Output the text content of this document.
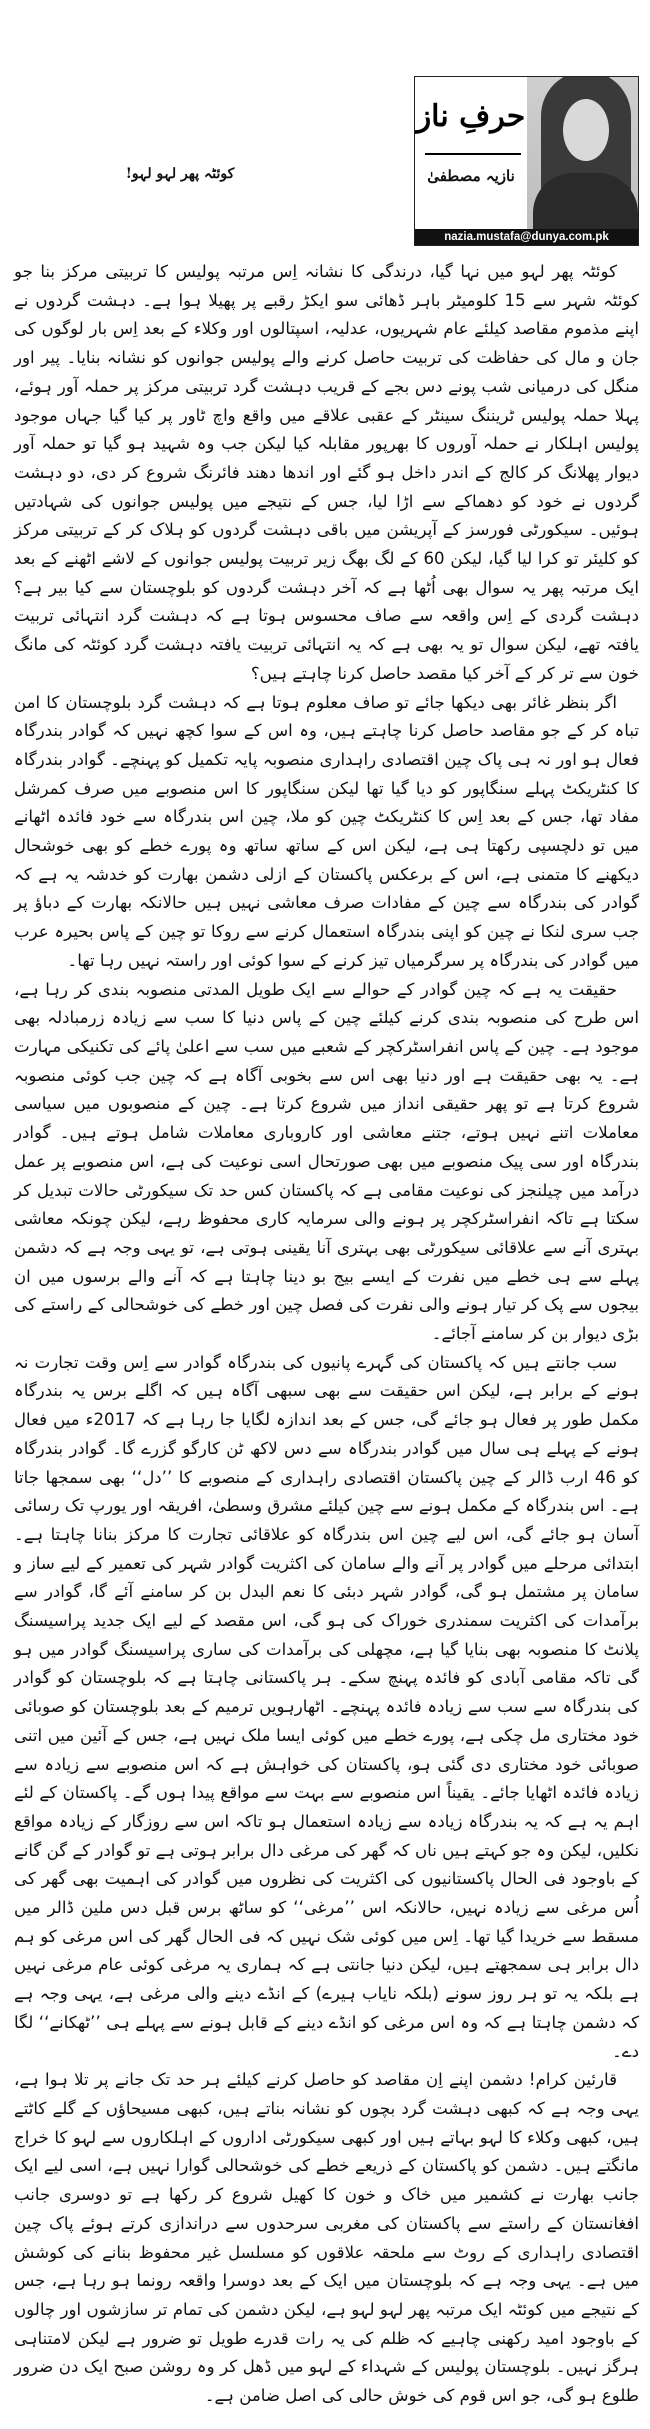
حرفِ ناز
نازیہ مصطفیٰ
nazia.mustafa@dunya.com.pk
کوئٹہ پھر لہو لہو!

کوئٹہ پھر لہو میں نہا گیا، درندگی کا نشانہ اِس مرتبہ پولیس کا تربیتی مرکز بنا جو کوئٹہ شہر سے 15 کلومیٹر باہر ڈھائی سو ایکڑ رقبے پر پھیلا ہوا ہے۔ دہشت گردوں نے اپنے مذموم مقاصد کیلئے عام شہریوں، عدلیہ، اسپتالوں اور وکلاء کے بعد اِس بار لوگوں کی جان و مال کی حفاظت کی تربیت حاصل کرنے والے پولیس جوانوں کو نشانہ بنایا۔ پیر اور منگل کی درمیانی شب پونے دس بجے کے قریب دہشت گرد تربیتی مرکز پر حملہ آور ہوئے، پہلا حملہ پولیس ٹریننگ سینٹر کے عقبی علاقے میں واقع واچ ٹاور پر کیا گیا جہاں موجود پولیس اہلکار نے حملہ آوروں کا بھرپور مقابلہ کیا لیکن جب وہ شہید ہو گیا تو حملہ آور دیوار پھلانگ کر کالج کے اندر داخل ہو گئے اور اندھا دھند فائرنگ شروع کر دی، دو دہشت گردوں نے خود کو دھماکے سے اڑا لیا، جس کے نتیجے میں پولیس جوانوں کی شہادتیں ہوئیں۔ سیکورٹی فورسز کے آپریشن میں باقی دہشت گردوں کو ہلاک کر کے تربیتی مرکز کو کلیئر تو کرا لیا گیا، لیکن 60 کے لگ بھگ زیر تربیت پولیس جوانوں کے لاشے اٹھنے کے بعد ایک مرتبہ پھر یہ سوال بھی اُٹھا ہے کہ آخر دہشت گردوں کو بلوچستان سے کیا بیر ہے؟ دہشت گردی کے اِس واقعہ سے صاف محسوس ہوتا ہے کہ دہشت گرد انتہائی تربیت یافتہ تھے، لیکن سوال تو یہ بھی ہے کہ یہ انتہائی تربیت یافتہ دہشت گرد کوئٹہ کی مانگ خون سے تر کر کے آخر کیا مقصد حاصل کرنا چاہتے ہیں؟

اگر بنظر غائر بھی دیکھا جائے تو صاف معلوم ہوتا ہے کہ دہشت گرد بلوچستان کا امن تباہ کر کے جو مقاصد حاصل کرنا چاہتے ہیں، وہ اس کے سوا کچھ نہیں کہ گوادر بندرگاہ فعال ہو اور نہ ہی پاک چین اقتصادی راہداری منصوبہ پایہ تکمیل کو پہنچے۔ گوادر بندرگاہ کا کنٹریکٹ پہلے سنگاپور کو دیا گیا تھا لیکن سنگاپور کا اس منصوبے میں صرف کمرشل مفاد تھا، جس کے بعد اِس کا کنٹریکٹ چین کو ملا، چین اس بندرگاہ سے خود فائدہ اٹھانے میں تو دلچسپی رکھتا ہی ہے، لیکن اس کے ساتھ ساتھ وہ پورے خطے کو بھی خوشحال دیکھنے کا متمنی ہے، اس کے برعکس پاکستان کے ازلی دشمن بھارت کو خدشہ یہ ہے کہ گوادر کی بندرگاہ سے چین کے مفادات صرف معاشی نہیں ہیں حالانکہ بھارت کے دباؤ پر جب سری لنکا نے چین کو اپنی بندرگاہ استعمال کرنے سے روکا تو چین کے پاس بحیرہ عرب میں گوادر کی بندرگاہ پر سرگرمیاں تیز کرنے کے سوا کوئی اور راستہ نہیں رہا تھا۔

حقیقت یہ ہے کہ چین گوادر کے حوالے سے ایک طویل المدتی منصوبہ بندی کر رہا ہے، اس طرح کی منصوبہ بندی کرنے کیلئے چین کے پاس دنیا کا سب سے زیادہ زرمبادلہ بھی موجود ہے۔ چین کے پاس انفراسٹرکچر کے شعبے میں سب سے اعلیٰ پائے کی تکنیکی مہارت ہے۔ یہ بھی حقیقت ہے اور دنیا بھی اس سے بخوبی آگاہ ہے کہ چین جب کوئی منصوبہ شروع کرتا ہے تو پھر حقیقی انداز میں شروع کرتا ہے۔ چین کے منصوبوں میں سیاسی معاملات اتنے نہیں ہوتے، جتنے معاشی اور کاروباری معاملات شامل ہوتے ہیں۔ گوادر بندرگاہ اور سی پیک منصوبے میں بھی صورتحال اسی نوعیت کی ہے، اس منصوبے پر عمل درآمد میں چیلنجز کی نوعیت مقامی ہے کہ پاکستان کس حد تک سیکورٹی حالات تبدیل کر سکتا ہے تاکہ انفراسٹرکچر پر ہونے والی سرمایہ کاری محفوظ رہے، لیکن چونکہ معاشی بہتری آنے سے علاقائی سیکورٹی بھی بہتری آنا یقینی ہوتی ہے، تو یہی وجہ ہے کہ دشمن پہلے سے ہی خطے میں نفرت کے ایسے بیج بو دینا چاہتا ہے کہ آنے والے برسوں میں ان بیجوں سے پک کر تیار ہونے والی نفرت کی فصل چین اور خطے کی خوشحالی کے راستے کی بڑی دیوار بن کر سامنے آجائے۔

سب جانتے ہیں کہ پاکستان کی گہرے پانیوں کی بندرگاہ گوادر سے اِس وقت تجارت نہ ہونے کے برابر ہے، لیکن اس حقیقت سے بھی سبھی آگاہ ہیں کہ اگلے برس یہ بندرگاہ مکمل طور پر فعال ہو جائے گی، جس کے بعد اندازہ لگایا جا رہا ہے کہ 2017ء میں فعال ہونے کے پہلے ہی سال میں گوادر بندرگاہ سے دس لاکھ ٹن کارگو گزرے گا۔ گوادر بندرگاہ کو 46 ارب ڈالر کے چین پاکستان اقتصادی راہداری کے منصوبے کا ’’دل‘‘ بھی سمجھا جاتا ہے۔ اس بندرگاہ کے مکمل ہونے سے چین کیلئے مشرق وسطیٰ، افریقہ اور یورپ تک رسائی آسان ہو جائے گی، اس لیے چین اس بندرگاہ کو علاقائی تجارت کا مرکز بنانا چاہتا ہے۔ ابتدائی مرحلے میں گوادر پر آنے والے سامان کی اکثریت گوادر شہر کی تعمیر کے لیے ساز و سامان پر مشتمل ہو گی، گوادر شہر دبئی کا نعم البدل بن کر سامنے آئے گا، گوادر سے برآمدات کی اکثریت سمندری خوراک کی ہو گی، اس مقصد کے لیے ایک جدید پراسیسنگ پلانٹ کا منصوبہ بھی بنایا گیا ہے، مچھلی کی برآمدات کی ساری پراسیسنگ گوادر میں ہو گی تاکہ مقامی آبادی کو فائدہ پہنچ سکے۔ ہر پاکستانی چاہتا ہے کہ بلوچستان کو گوادر کی بندرگاہ سے سب سے زیادہ فائدہ پہنچے۔ اٹھارہویں ترمیم کے بعد بلوچستان کو صوبائی خود مختاری مل چکی ہے، پورے خطے میں کوئی ایسا ملک نہیں ہے، جس کے آئین میں اتنی صوبائی خود مختاری دی گئی ہو، پاکستان کی خواہش ہے کہ اس منصوبے سے زیادہ سے زیادہ فائدہ اٹھایا جائے۔ یقیناً اس منصوبے سے بہت سے مواقع پیدا ہوں گے۔ پاکستان کے لئے اہم یہ ہے کہ یہ بندرگاہ زیادہ سے زیادہ استعمال ہو تاکہ اس سے روزگار کے زیادہ مواقع نکلیں، لیکن وہ جو کہتے ہیں ناں کہ گھر کی مرغی دال برابر ہوتی ہے تو گوادر کے گن گانے کے باوجود فی الحال پاکستانیوں کی اکثریت کی نظروں میں گوادر کی اہمیت بھی گھر کی اُس مرغی سے زیادہ نہیں، حالانکہ اس ’’مرغی‘‘ کو ساٹھ برس قبل دس ملین ڈالر میں مسقط سے خریدا گیا تھا۔ اِس میں کوئی شک نہیں کہ فی الحال گھر کی اس مرغی کو ہم دال برابر ہی سمجھتے ہیں، لیکن دنیا جانتی ہے کہ ہماری یہ مرغی کوئی عام مرغی نہیں ہے بلکہ یہ تو ہر روز سونے (بلکہ نایاب ہیرے) کے انڈے دینے والی مرغی ہے، یہی وجہ ہے کہ دشمن چاہتا ہے کہ وہ اس مرغی کو انڈے دینے کے قابل ہونے سے پہلے ہی ’’ٹھکانے‘‘ لگا دے۔

قارئین کرام! دشمن اپنے اِن مقاصد کو حاصل کرنے کیلئے ہر حد تک جانے پر تلا ہوا ہے، یہی وجہ ہے کہ کبھی دہشت گرد بچوں کو نشانہ بناتے ہیں، کبھی مسیحاؤں کے گلے کاٹتے ہیں، کبھی وکلاء کا لہو بہاتے ہیں اور کبھی سیکورٹی اداروں کے اہلکاروں سے لہو کا خراج مانگتے ہیں۔ دشمن کو پاکستان کے ذریعے خطے کی خوشحالی گوارا نہیں ہے، اسی لیے ایک جانب بھارت نے کشمیر میں خاک و خون کا کھیل شروع کر رکھا ہے تو دوسری جانب افغانستان کے راستے سے پاکستان کی مغربی سرحدوں سے دراندازی کرتے ہوئے پاک چین اقتصادی راہداری کے روٹ سے ملحقہ علاقوں کو مسلسل غیر محفوظ بنانے کی کوشش میں ہے۔ یہی وجہ ہے کہ بلوچستان میں ایک کے بعد دوسرا واقعہ رونما ہو رہا ہے، جس کے نتیجے میں کوئٹہ ایک مرتبہ پھر لہو لہو ہے، لیکن دشمن کی تمام تر سازشوں اور چالوں کے باوجود امید رکھنی چاہیے کہ ظلم کی یہ رات قدرے طویل تو ضرور ہے لیکن لامتناہی ہرگز نہیں۔ بلوچستان پولیس کے شہداء کے لہو میں ڈھل کر وہ روشن صبح ایک دن ضرور طلوع ہو گی، جو اس قوم کی خوش حالی کی اصل ضامن ہے۔
